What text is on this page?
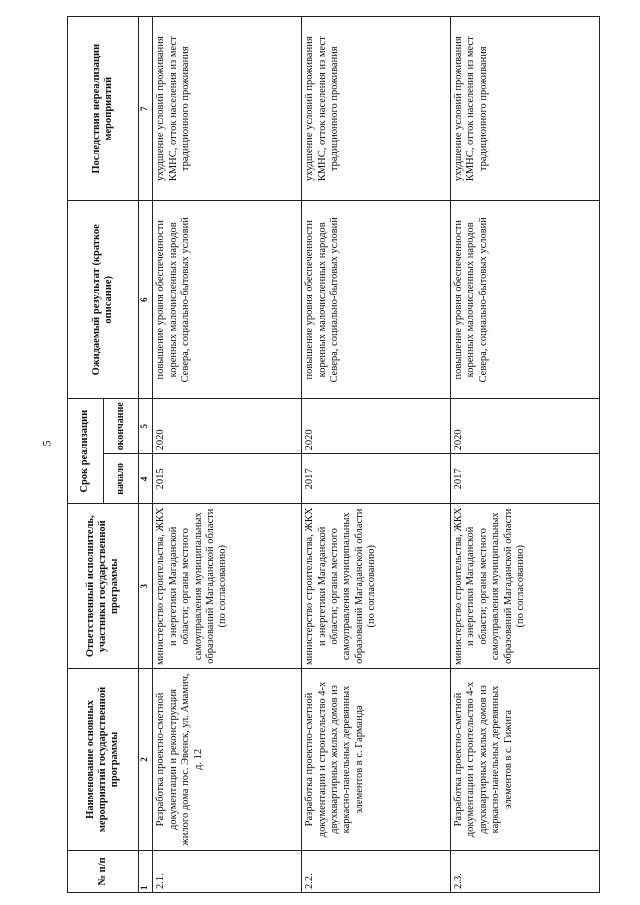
5
№ п/п	Наименование основных мероприятий государственной программы	Ответственный исполнитель, участники государственной программы	Срок реализации		Ожидаемый результат (краткое описание)	Последствия нереализации мероприятий
			начало	окончание		
1	2	3	4	5	6	7
2.1.	Разработка проектно-сметной документации и реконструкция жилого дома пос. Эвенск, ул. Амамич, д. 12	министерство строительства, ЖКХ и энергетики Магаданской области; органы местного самоуправления муниципальных образований Магаданской области (по согласованию)	2015	2020	повышение уровня обеспеченности коренных малочисленных народов Севера, социально-бытовых условий	ухудшение условий проживания КМНС, отток населения из мест традиционного проживания
2.2.	Разработка проектно-сметной документации и строительство 4-х двухквартирных жилых домов из каркасно-панельных деревянных элементов в с. Гарманда	министерство строительства, ЖКХ и энергетики Магаданской области; органы местного самоуправления муниципальных образований Магаданской области (по согласованию)	2017	2020	повышение уровня обеспеченности коренных малочисленных народов Севера, социально-бытовых условий	ухудшение условий проживания КМНС, отток населения из мест традиционного проживания
2.3.	Разработка проектно-сметной документации и строительство 4-х двухквартирных жилых домов из каркасно-панельных деревянных элементов в с. Гижига	министерство строительства, ЖКХ и энергетики Магаданской области; органы местного самоуправления муниципальных образований Магаданской области (по согласованию)	2017	2020	повышение уровня обеспеченности коренных малочисленных народов Севера, социально-бытовых условий	ухудшение условий проживания КМНС, отток населения из мест традиционного проживания
